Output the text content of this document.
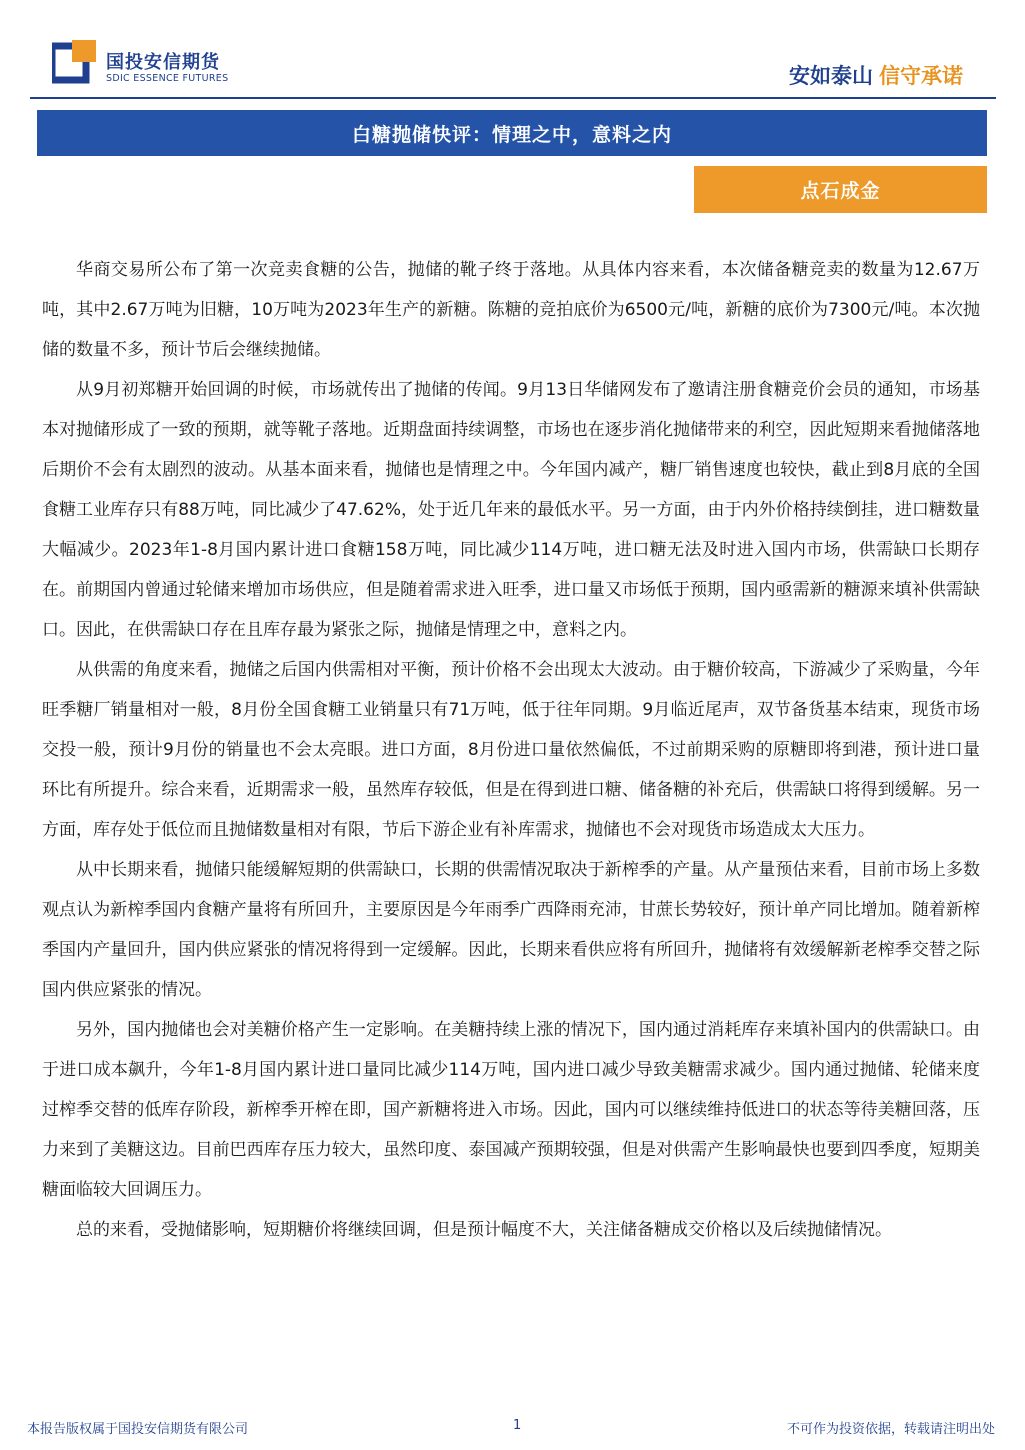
国投安信期货
SDIC ESSENCE FUTURES	安如泰山 信守承诺
白糖抛储快评：情理之中，意料之内
点石成金

华商交易所公布了第一次竞卖食糖的公告，抛储的靴子终于落地。从具体内容来看，本次储备糖竞卖的数量为12.67万吨，其中2.67万吨为旧糖，10万吨为2023年生产的新糖。陈糖的竞拍底价为6500元/吨，新糖的底价为7300元/吨。本次抛储的数量不多，预计节后会继续抛储。

从9月初郑糖开始回调的时候，市场就传出了抛储的传闻。9月13日华储网发布了邀请注册食糖竞价会员的通知，市场基本对抛储形成了一致的预期，就等靴子落地。近期盘面持续调整，市场也在逐步消化抛储带来的利空，因此短期来看抛储落地后期价不会有太剧烈的波动。从基本面来看，抛储也是情理之中。今年国内减产，糖厂销售速度也较快，截止到8月底的全国食糖工业库存只有88万吨，同比减少了47.62%，处于近几年来的最低水平。另一方面，由于内外价格持续倒挂，进口糖数量大幅减少。2023年1-8月国内累计进口食糖158万吨，同比减少114万吨，进口糖无法及时进入国内市场，供需缺口长期存在。前期国内曾通过轮储来增加市场供应，但是随着需求进入旺季，进口量又市场低于预期，国内亟需新的糖源来填补供需缺口。因此，在供需缺口存在且库存最为紧张之际，抛储是情理之中，意料之内。

从供需的角度来看，抛储之后国内供需相对平衡，预计价格不会出现太大波动。由于糖价较高，下游减少了采购量，今年旺季糖厂销量相对一般，8月份全国食糖工业销量只有71万吨，低于往年同期。9月临近尾声，双节备货基本结束，现货市场交投一般，预计9月份的销量也不会太亮眼。进口方面，8月份进口量依然偏低，不过前期采购的原糖即将到港，预计进口量环比有所提升。综合来看，近期需求一般，虽然库存较低，但是在得到进口糖、储备糖的补充后，供需缺口将得到缓解。另一方面，库存处于低位而且抛储数量相对有限，节后下游企业有补库需求，抛储也不会对现货市场造成太大压力。

从中长期来看，抛储只能缓解短期的供需缺口，长期的供需情况取决于新榨季的产量。从产量预估来看，目前市场上多数观点认为新榨季国内食糖产量将有所回升，主要原因是今年雨季广西降雨充沛，甘蔗长势较好，预计单产同比增加。随着新榨季国内产量回升，国内供应紧张的情况将得到一定缓解。因此，长期来看供应将有所回升，抛储将有效缓解新老榨季交替之际国内供应紧张的情况。

另外，国内抛储也会对美糖价格产生一定影响。在美糖持续上涨的情况下，国内通过消耗库存来填补国内的供需缺口。由于进口成本飙升，今年1-8月国内累计进口量同比减少114万吨，国内进口减少导致美糖需求减少。国内通过抛储、轮储来度过榨季交替的低库存阶段，新榨季开榨在即，国产新糖将进入市场。因此，国内可以继续维持低进口的状态等待美糖回落，压力来到了美糖这边。目前巴西库存压力较大，虽然印度、泰国减产预期较强，但是对供需产生影响最快也要到四季度，短期美糖面临较大回调压力。

总的来看，受抛储影响，短期糖价将继续回调，但是预计幅度不大，关注储备糖成交价格以及后续抛储情况。

本报告版权属于国投安信期货有限公司	1	不可作为投资依据，转载请注明出处
